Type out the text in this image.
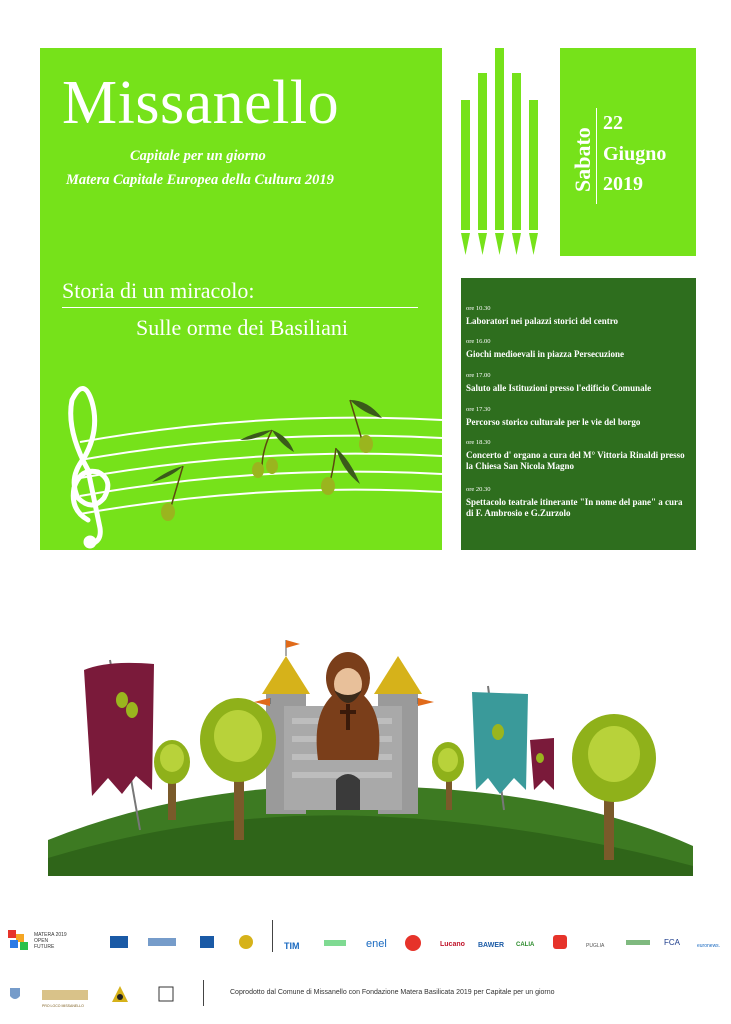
Missanello
Capitale per un giorno
Matera Capitale Europea della Cultura 2019
Storia di un miracolo:
Sulle orme dei Basiliani
Sabato
22
Giugno
2019
ore 10.30
Laboratori nei palazzi storici del centro
ore 16.00
Giochi medioevali in piazza Persecuzione
ore 17.00
Saluto alle Istituzioni presso l'edificio Comunale
ore 17.30
Percorso storico culturale per le vie del borgo
ore 18.30
Concerto d' organo a cura del M° Vittoria Rinaldi presso la Chiesa San Nicola Magno
ore 20.30
Spettacolo teatrale itinerante "In nome del pane" a cura di F. Ambrosio e G.Zurzolo
MATERA 2019 OPEN FUTURE	TIM	enel	Lucano BAWER CALIA	PUGLIA	FCA	euronews.
PRO LOCO MISSANELLO
Coprodotto dal Comune di Missanello con Fondazione Matera Basilicata 2019 per Capitale per un giorno
